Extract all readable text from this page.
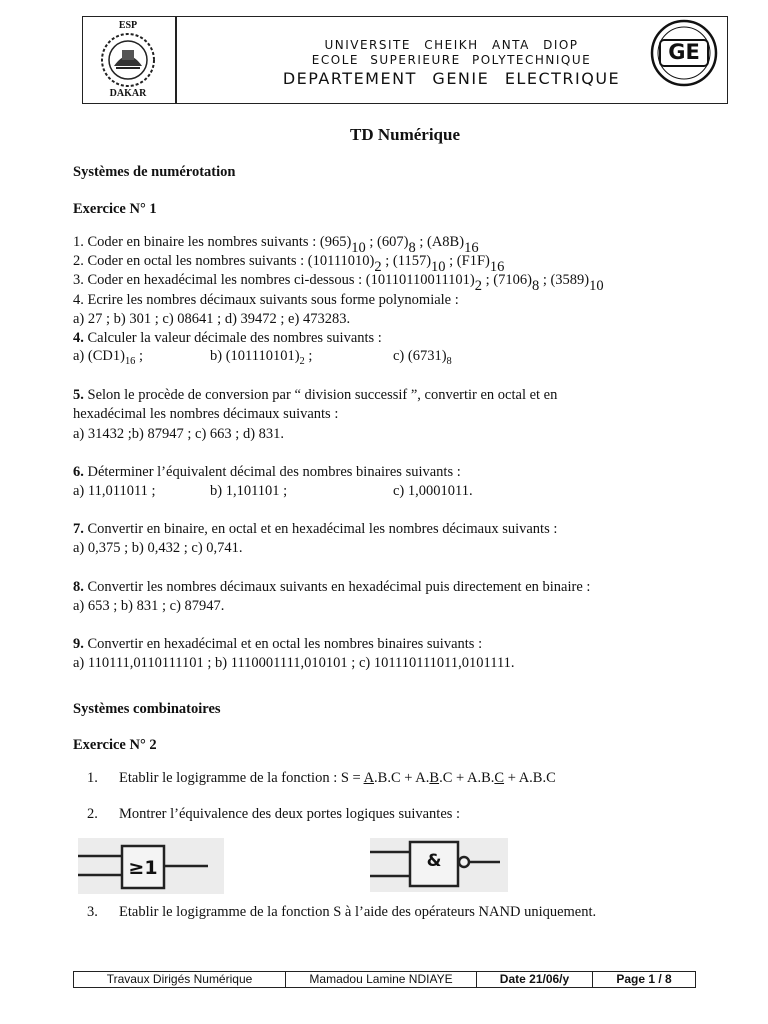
ESP
DAKAR
UNIVERSITE CHEIKH ANTA DIOP
ECOLE SUPERIEURE POLYTECHNIQUE
DEPARTEMENT GENIE ELECTRIQUE
GE
TD Numérique
Systèmes de numérotation
Exercice N° 1
1. Coder en binaire les nombres suivants : $(965)_{10}$ ; $(607)_8$ ; $(A8B)_{16}$
2. Coder en octal les nombres suivants : $(10111010)_2$ ; $(1157)_{10}$ ; $(F1F)_{16}$
3. Coder en hexadécimal les nombres ci-dessous : $(10110110011101)_2$ ; $(7106)_8$ ; $(3589)_{10}$
4. Ecrire les nombres décimaux suivants sous forme polynomiale :
a) 27 ; b) 301 ; c) 08641 ; d) 39472 ; e) 473283.
4. Calculer la valeur décimale des nombres suivants :
a) $(CD1)_{16}$ ;	b) $(101110101)_2$ ;	c) $(6731)_8$
5. Selon le procède de conversion par “ division successif ”, convertir en octal et en
hexadécimal les nombres décimaux suivants :
a) 31432 ;b) 87947 ; c) 663 ; d) 831.
6. Déterminer l’équivalent décimal des nombres binaires suivants :
a) 11,011011 ;	b) 1,101101 ;	c) 1,0001011.
7. Convertir en binaire, en octal et en hexadécimal les nombres décimaux suivants :
a) 0,375 ; b) 0,432 ; c) 0,741.
8. Convertir les nombres décimaux suivants en hexadécimal puis directement en binaire :
a) 653 ; b) 831 ; c) 87947.
9. Convertir en hexadécimal et en octal les nombres binaires suivants :
a) 110111,0110111101 ; b) 1110001111,010101 ; c) 101110111011,0101111.
Systèmes combinatoires
Exercice N° 2
1. Etablir le logigramme de la fonction : S = A.B.C + A.B.C + A.B.C + A.B.C
2. Montrer l’équivalence des deux portes logiques suivantes :
≥1	&
3. Etablir le logigramme de la fonction S à l’aide des opérateurs NAND uniquement.
Travaux Dirigés Numérique	Mamadou Lamine NDIAYE	Date 21/06/y	Page 1 / 8
